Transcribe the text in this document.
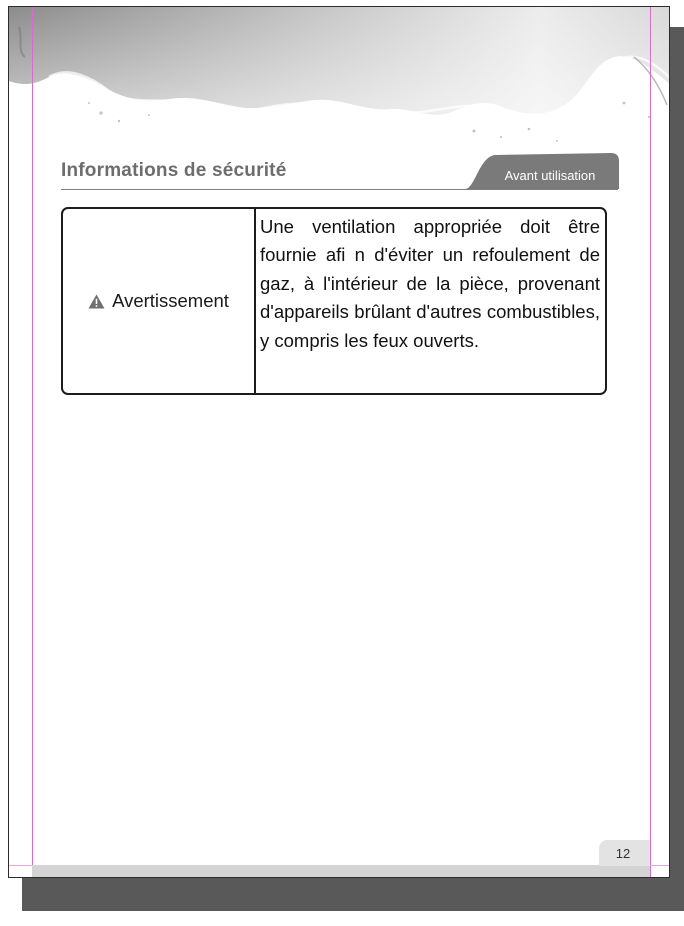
Informations de sécurité	Avant utilisation
Avertissement
Une ventilation appropriée doit être fournie afi n d'éviter un refoulement de gaz, à l'intérieur de la pièce, provenant d'appareils brûlant d'autres combustibles, y compris les feux ouverts.
12
